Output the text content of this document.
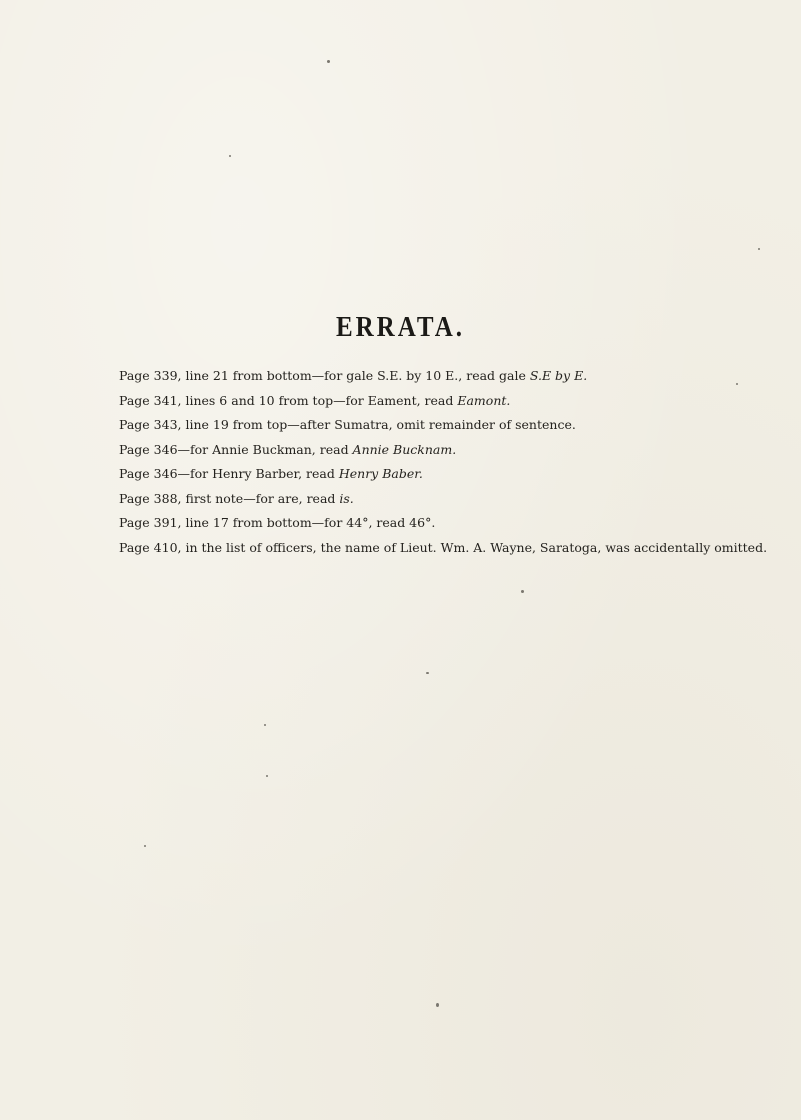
ERRATA.
Page 339, line 21 from bottom—for gale S.E. by 10 E., read gale S.E by E.
Page 341, lines 6 and 10 from top—for Eament, read Eamont.
Page 343, line 19 from top—after Sumatra, omit remainder of sentence.
Page 346—for Annie Buckman, read Annie Bucknam.
Page 346—for Henry Barber, read Henry Baber.
Page 388, first note—for are, read is.
Page 391, line 17 from bottom—for 44°, read 46°.
Page 410, in the list of officers, the name of Lieut. Wm. A. Wayne, Saratoga, was accidentally omitted.
